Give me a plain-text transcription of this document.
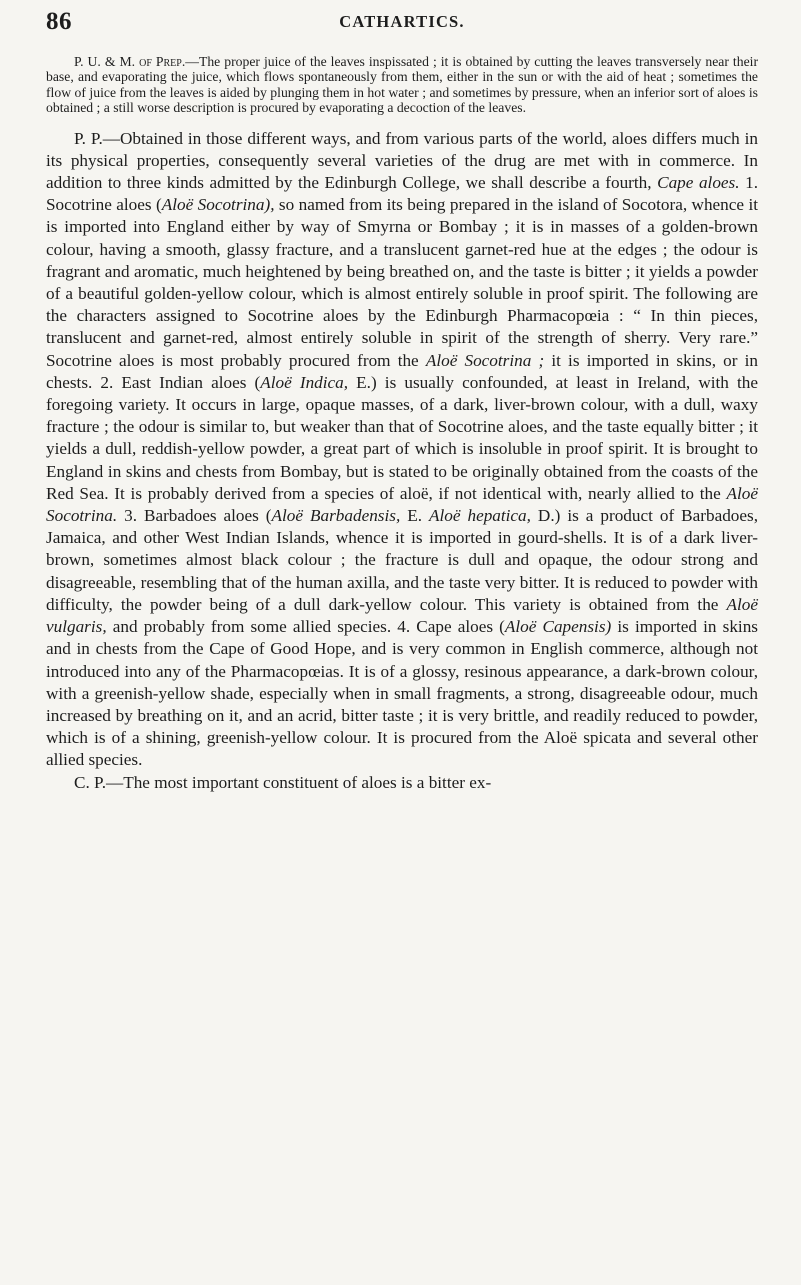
86	CATHARTICS.

P. U. & M. of Prep.—The proper juice of the leaves inspissated ; it is obtained by cutting the leaves transversely near their base, and evaporating the juice, which flows spontaneously from them, either in the sun or with the aid of heat ; sometimes the flow of juice from the leaves is aided by plunging them in hot water ; and sometimes by pressure, when an inferior sort of aloes is obtained ; a still worse description is procured by evaporating a decoction of the leaves.

P. P.—Obtained in those different ways, and from various parts of the world, aloes differs much in its physical properties, consequently several varieties of the drug are met with in commerce. In addition to three kinds admitted by the Edinburgh College, we shall describe a fourth, Cape aloes. 1. Socotrine aloes (Aloë Socotrina), so named from its being prepared in the island of Socotora, whence it is imported into England either by way of Smyrna or Bombay ; it is in masses of a golden-brown colour, having a smooth, glassy fracture, and a translucent garnet-red hue at the edges ; the odour is fragrant and aromatic, much heightened by being breathed on, and the taste is bitter ; it yields a powder of a beautiful golden-yellow colour, which is almost entirely soluble in proof spirit. The following are the characters assigned to Socotrine aloes by the Edinburgh Pharmacopœia : “ In thin pieces, translucent and garnet-red, almost entirely soluble in spirit of the strength of sherry. Very rare.” Socotrine aloes is most probably procured from the Aloë Socotrina ; it is imported in skins, or in chests. 2. East Indian aloes (Aloë Indica, E.) is usually confounded, at least in Ireland, with the foregoing variety. It occurs in large, opaque masses, of a dark, liver-brown colour, with a dull, waxy fracture ; the odour is similar to, but weaker than that of Socotrine aloes, and the taste equally bitter ; it yields a dull, reddish-yellow powder, a great part of which is insoluble in proof spirit. It is brought to England in skins and chests from Bombay, but is stated to be originally obtained from the coasts of the Red Sea. It is probably derived from a species of aloë, if not identical with, nearly allied to the Aloë Socotrina. 3. Barbadoes aloes (Aloë Barbadensis, E. Aloë hepatica, D.) is a product of Barbadoes, Jamaica, and other West Indian Islands, whence it is imported in gourd-shells. It is of a dark liver-brown, sometimes almost black colour ; the fracture is dull and opaque, the odour strong and disagreeable, resembling that of the human axilla, and the taste very bitter. It is reduced to powder with difficulty, the powder being of a dull dark-yellow colour. This variety is obtained from the Aloë vulgaris, and probably from some allied species. 4. Cape aloes (Aloë Capensis) is imported in skins and in chests from the Cape of Good Hope, and is very common in English commerce, although not introduced into any of the Pharmacopœias. It is of a glossy, resinous appearance, a dark-brown colour, with a greenish-yellow shade, especially when in small fragments, a strong, disagreeable odour, much increased by breathing on it, and an acrid, bitter taste ; it is very brittle, and readily reduced to powder, which is of a shining, greenish-yellow colour. It is procured from the Aloë spicata and several other allied species.

C. P.—The most important constituent of aloes is a bitter ex-
